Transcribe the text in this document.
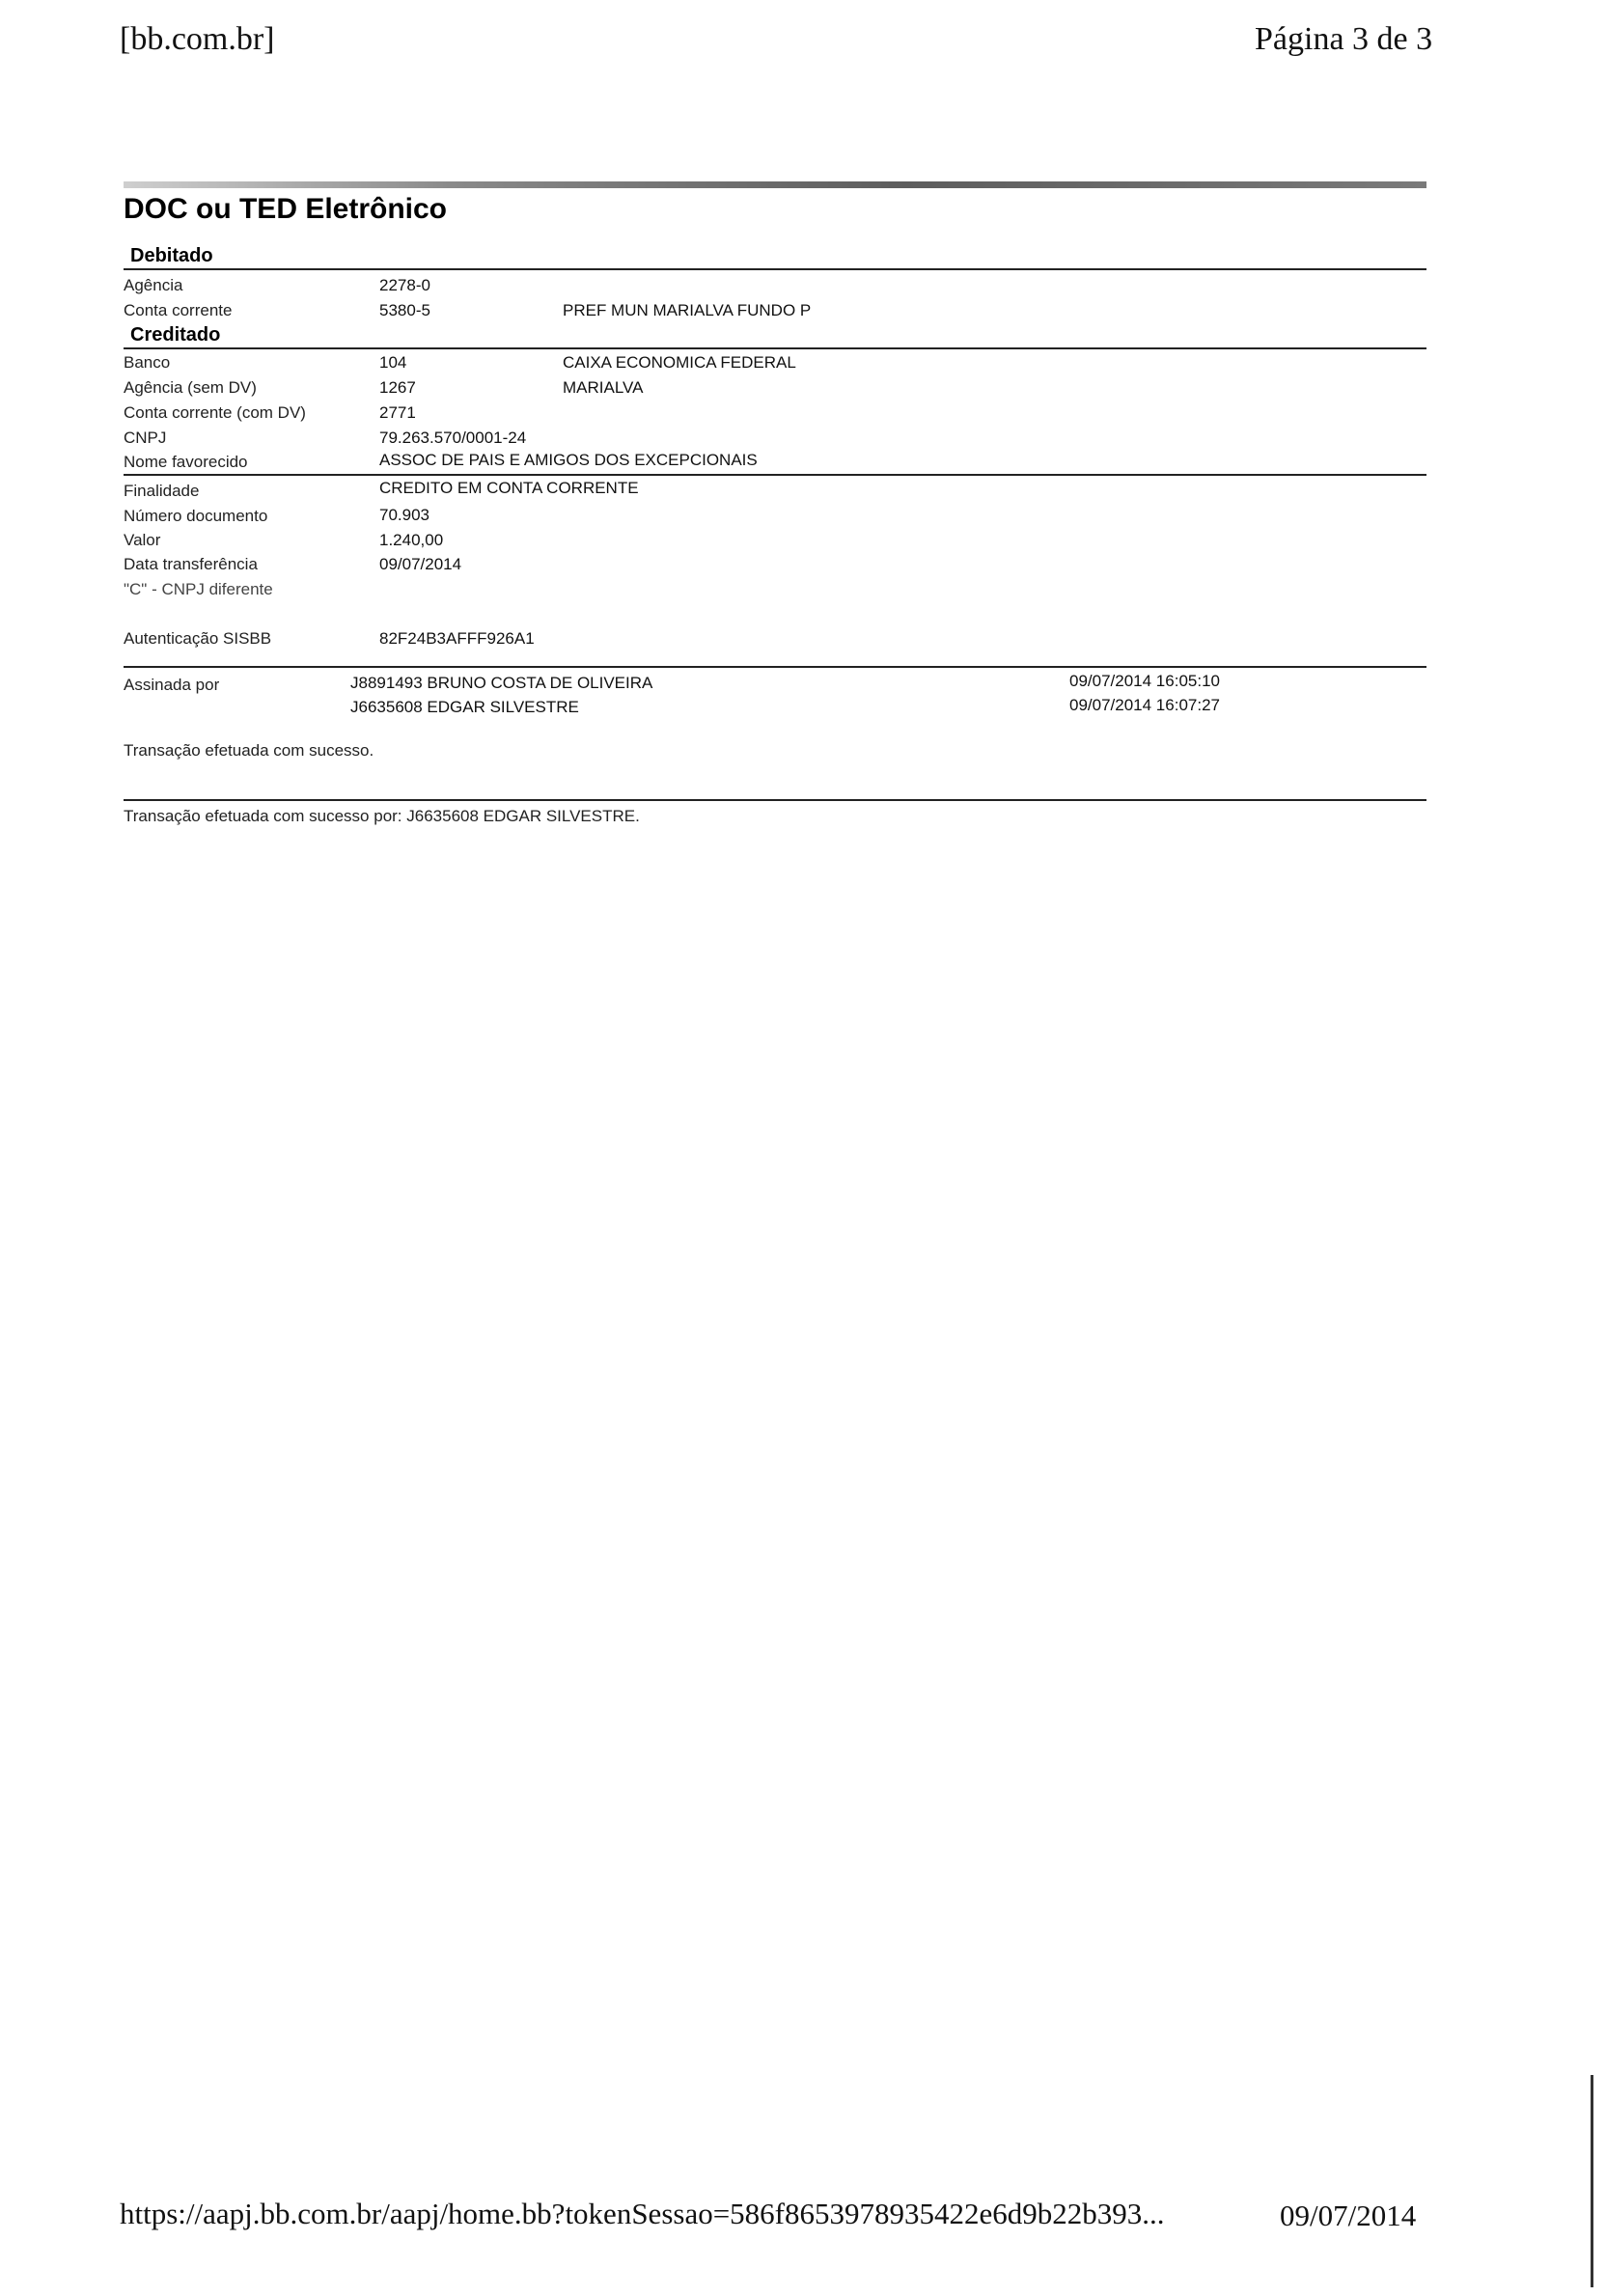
[bb.com.br]	Página 3 de 3
DOC ou TED Eletrônico
Debitado
Agência	2278-0
Conta corrente	5380-5	PREF MUN MARIALVA FUNDO P
Creditado
Banco	104	CAIXA ECONOMICA FEDERAL
Agência (sem DV)	1267	MARIALVA
Conta corrente (com DV)	2771
CNPJ	79.263.570/0001-24
Nome favorecido	ASSOC DE PAIS E AMIGOS DOS EXCEPCIONAIS
Finalidade	CREDITO EM CONTA CORRENTE
Número documento	70.903
Valor	1.240,00
Data transferência	09/07/2014
"C" - CNPJ diferente
Autenticação SISBB	82F24B3AFFF926A1
Assinada por	J8891493 BRUNO COSTA DE OLIVEIRA	09/07/2014 16:05:10
J6635608 EDGAR SILVESTRE	09/07/2014 16:07:27
Transação efetuada com sucesso.
Transação efetuada com sucesso por: J6635608 EDGAR SILVESTRE.
https://aapj.bb.com.br/aapj/home.bb?tokenSessao=586f8653978935422e6d9b22b393...	09/07/2014
